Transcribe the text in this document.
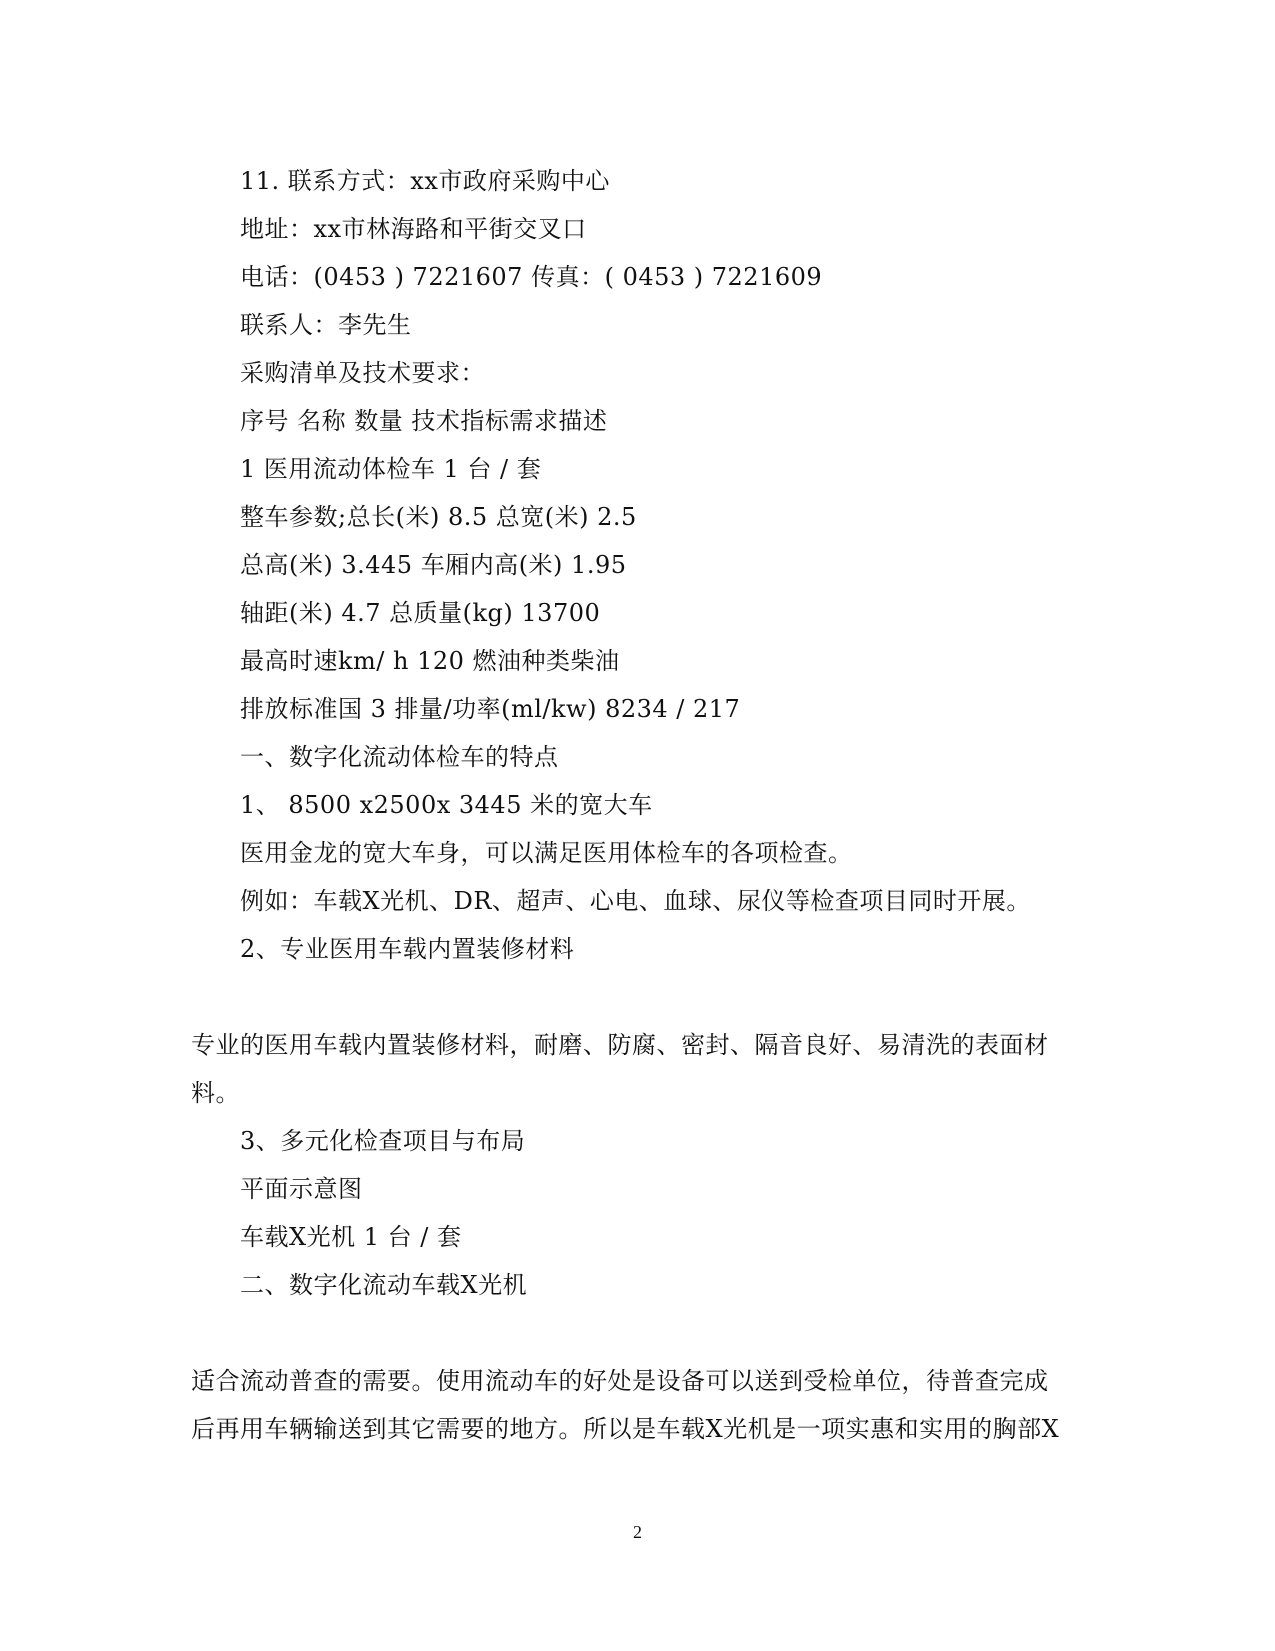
11. 联系方式：xx市政府采购中心
地址：xx市林海路和平街交叉口
电话：(0453 ) 7221607 传真：( 0453 ) 7221609
联系人：李先生
采购清单及技术要求：
序号 名称 数量 技术指标需求描述
1 医用流动体检车 1 台 / 套
整车参数;总长(米) 8.5 总宽(米) 2.5
总高(米) 3.445 车厢内高(米) 1.95
轴距(米) 4.7 总质量(kg) 13700
最高时速km/ h 120 燃油种类柴油
排放标准国 3 排量/功率(ml/kw) 8234 / 217
一、数字化流动体检车的特点
1、 8500 x2500x 3445 米的宽大车
医用金龙的宽大车身，可以满足医用体检车的各项检查。
例如：车载X光机、DR、超声、心电、血球、尿仪等检查项目同时开展。
2、专业医用车载内置装修材料
专业的医用车载内置装修材料，耐磨、防腐、密封、隔音良好、易清洗的表面材
料。
3、多元化检查项目与布局
平面示意图
车载X光机 1 台 / 套
二、数字化流动车载X光机
适合流动普查的需要。使用流动车的好处是设备可以送到受检单位，待普查完成
后再用车辆输送到其它需要的地方。所以是车载X光机是一项实惠和实用的胸部X
2
